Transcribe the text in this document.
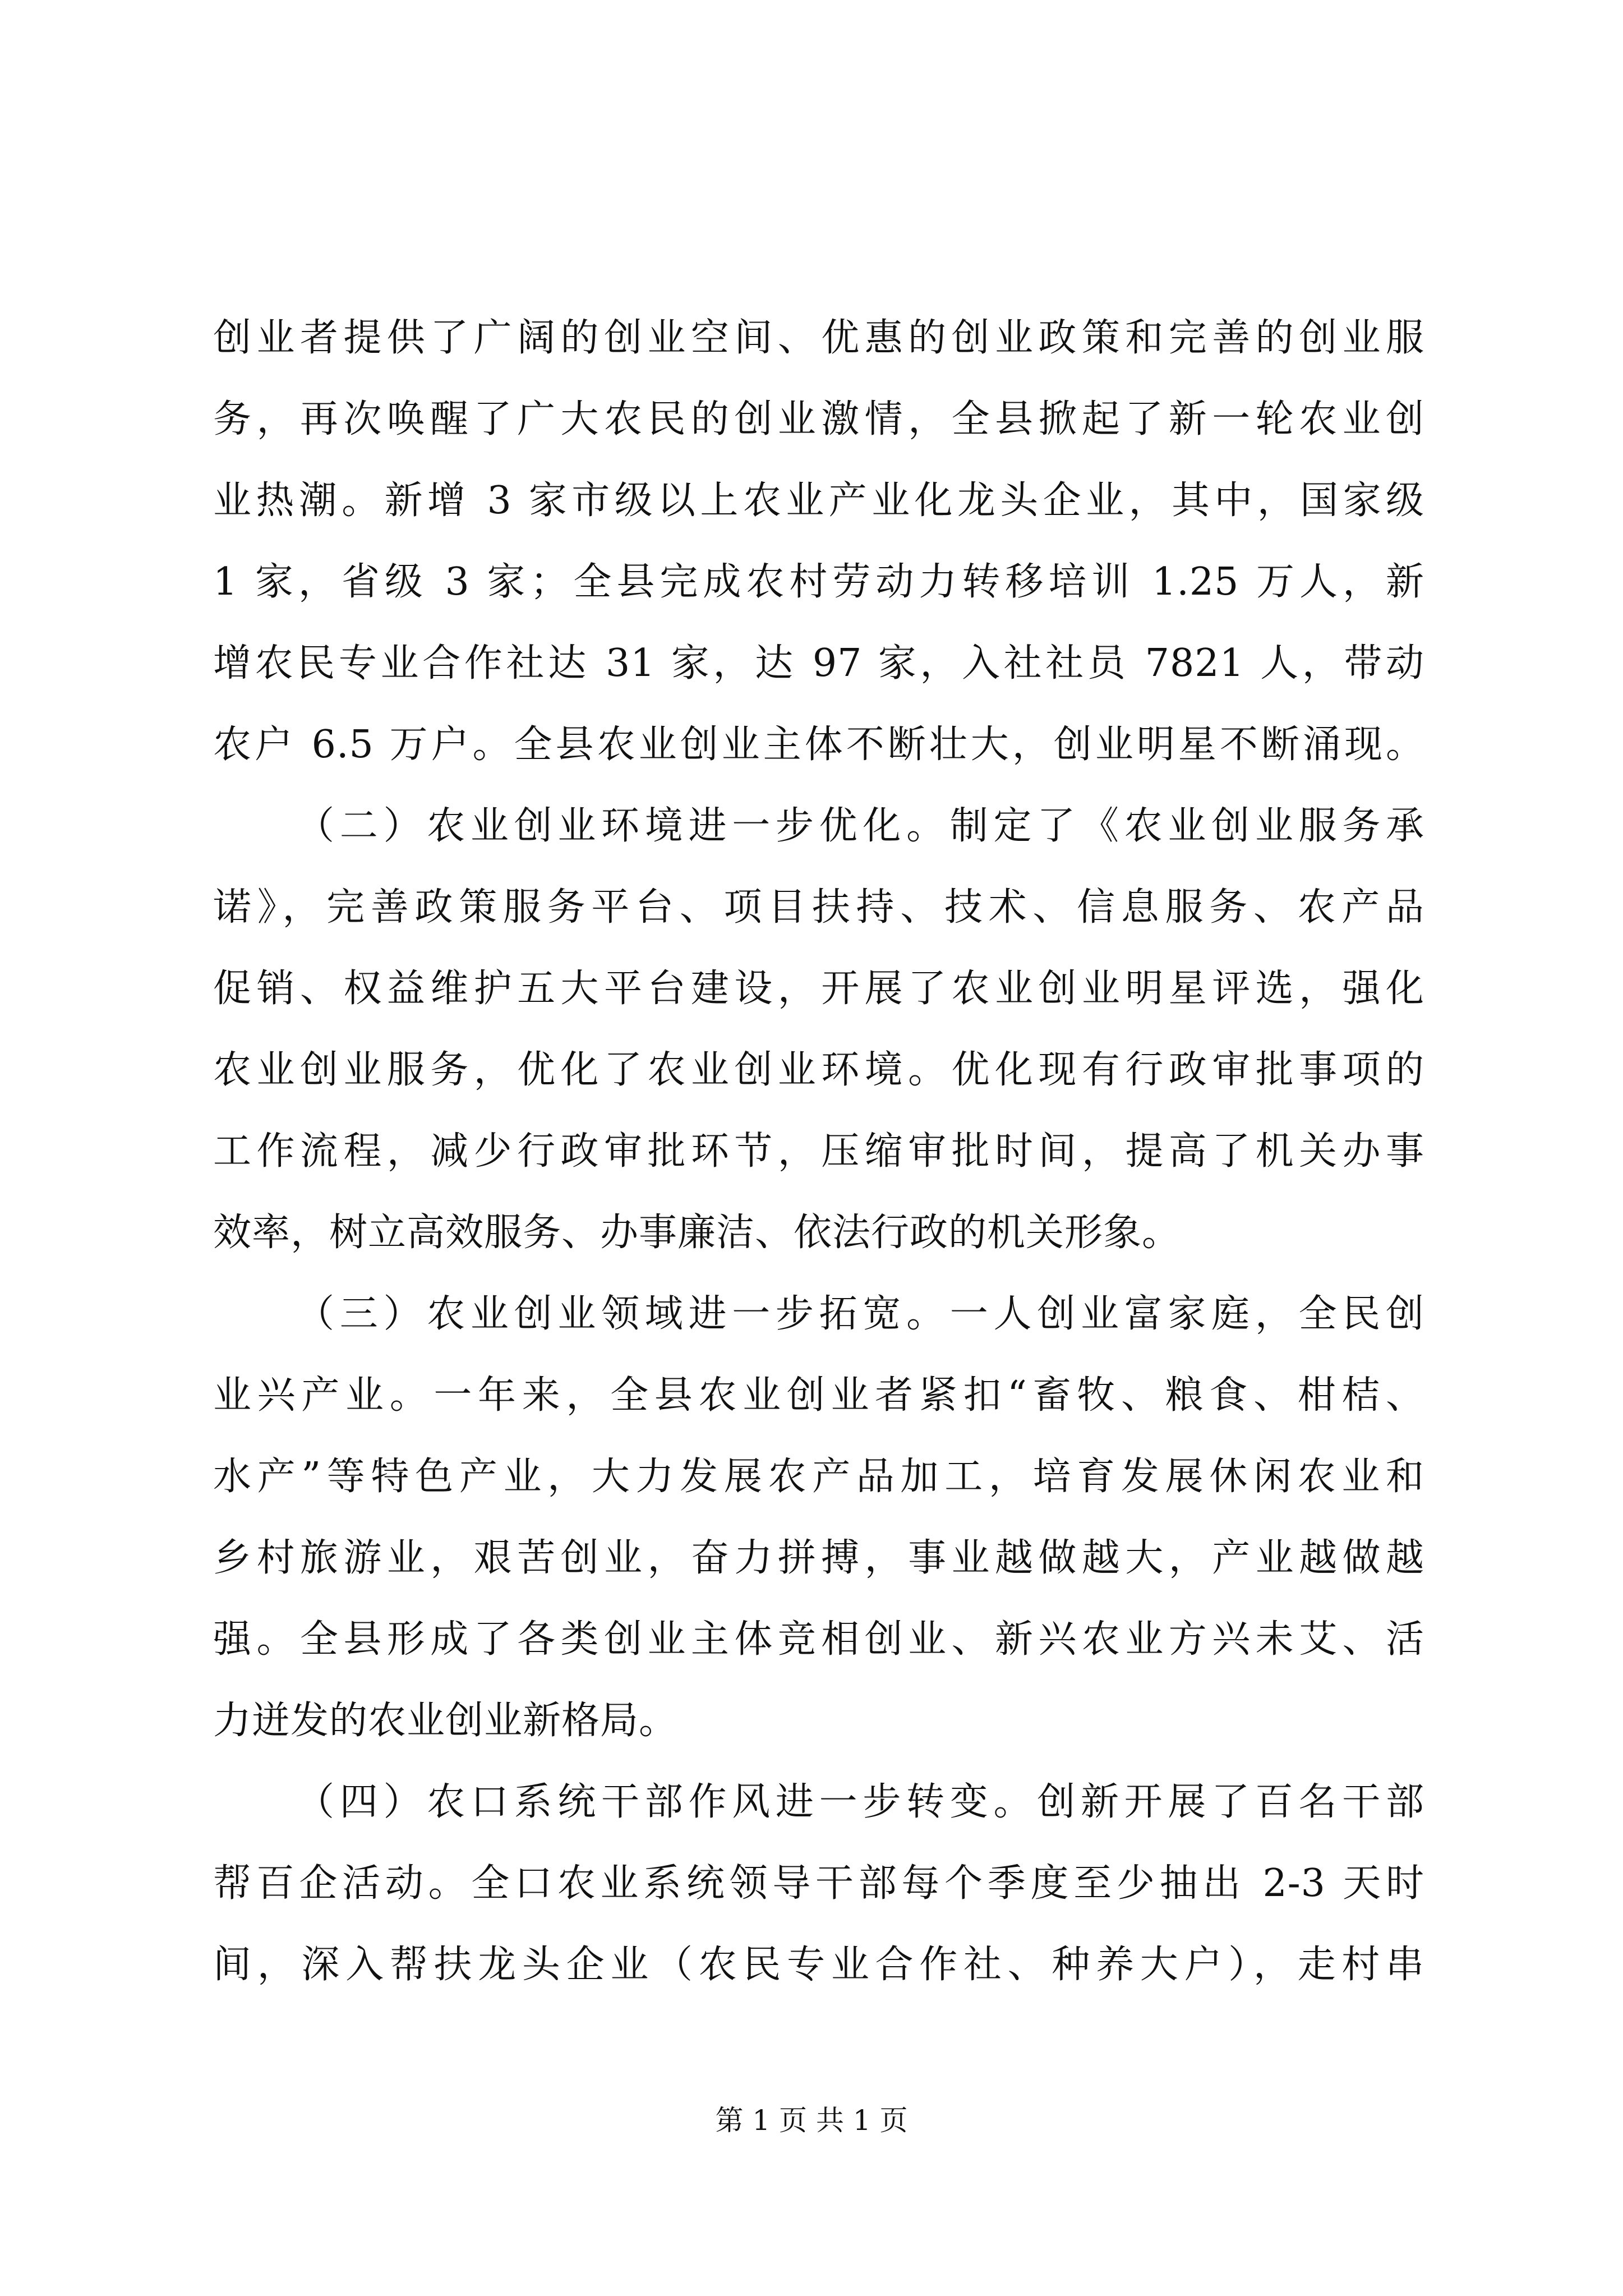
创业者提供了广阔的创业空间、优惠的创业政策和完善的创业服
务，再次唤醒了广大农民的创业激情，全县掀起了新一轮农业创
业热潮。新增 3 家市级以上农业产业化龙头企业，其中，国家级
1 家，省级 3 家；全县完成农村劳动力转移培训 1.25 万人，新
增农民专业合作社达 31 家，达 97 家，入社社员 7821 人，带动
农户 6.5 万户。全县农业创业主体不断壮大，创业明星不断涌现。
（二）农业创业环境进一步优化。制定了《农业创业服务承
诺》，完善政策服务平台、项目扶持、技术、信息服务、农产品
促销、权益维护五大平台建设，开展了农业创业明星评选，强化
农业创业服务，优化了农业创业环境。优化现有行政审批事项的
工作流程，减少行政审批环节，压缩审批时间，提高了机关办事
效率，树立高效服务、办事廉洁、依法行政的机关形象。
（三）农业创业领域进一步拓宽。一人创业富家庭，全民创
业兴产业。一年来，全县农业创业者紧扣“畜牧、粮食、柑桔、
水产”等特色产业，大力发展农产品加工，培育发展休闲农业和
乡村旅游业，艰苦创业，奋力拼搏，事业越做越大，产业越做越
强。全县形成了各类创业主体竞相创业、新兴农业方兴未艾、活
力迸发的农业创业新格局。
（四）农口系统干部作风进一步转变。创新开展了百名干部
帮百企活动。全口农业系统领导干部每个季度至少抽出 2-3 天时
间，深入帮扶龙头企业（农民专业合作社、种养大户），走村串
第 1 页 共 1 页
